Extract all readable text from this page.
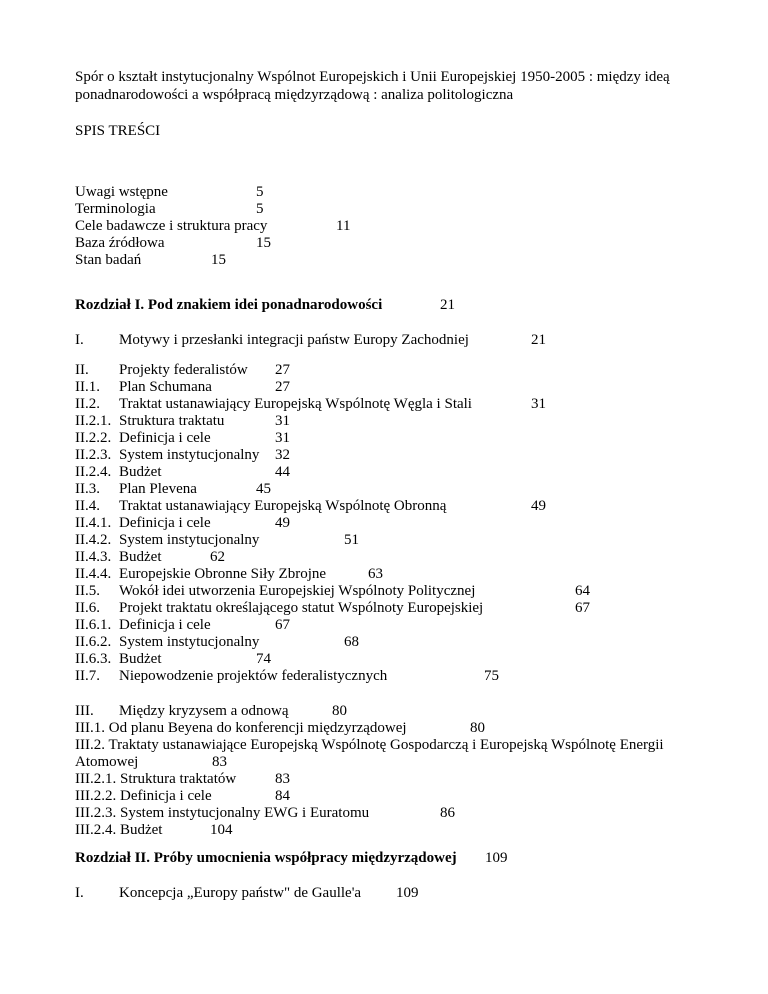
Spór o kształt instytucjonalny Wspólnot Europejskich i Unii Europejskiej 1950-2005 : między ideą
ponadnarodowości a współpracą międzyrządową : analiza politologiczna
SPIS TREŚCI
Uwagi wstępne	5
Terminologia	5
Cele badawcze i struktura pracy	11
Baza źródłowa	15
Stan badań	15
Rozdział I. Pod znakiem idei ponadnarodowości	21
I. Motywy i przesłanki integracji państw Europy Zachodniej	21
II. Projekty federalistów 27
II.1. Plan Schumana	27
II.2. Traktat ustanawiający Europejską Wspólnotę Węgla i Stali	31
II.2.1. Struktura traktatu	31
II.2.2. Definicja i cele	31
II.2.3. System instytucjonalny 32
II.2.4. Budżet	44
II.3. Plan Plevena	45
II.4. Traktat ustanawiający Europejską Wspólnotę Obronną	49
II.4.1. Definicja i cele	49
II.4.2. System instytucjonalny	51
II.4.3. Budżet	62
II.4.4. Europejskie Obronne Siły Zbrojne	63
II.5. Wokół idei utworzenia Europejskiej Wspólnoty Politycznej	64
II.6. Projekt traktatu określającego statut Wspólnoty Europejskiej	67
II.6.1. Definicja i cele	67
II.6.2. System instytucjonalny	68
II.6.3. Budżet	74
II.7. Niepowodzenie projektów federalistycznych	75
III. Między kryzysem a odnową	80
III.1. Od planu Beyena do konferencji międzyrządowej	80
III.2. Traktaty ustanawiające Europejską Wspólnotę Gospodarczą i Europejską Wspólnotę Energii
Atomowej	83
III.2.1. Struktura traktatów	83
III.2.2. Definicja i cele	84
III.2.3. System instytucjonalny EWG i Euratomu	86
III.2.4. Budżet	104
Rozdział II. Próby umocnienia współpracy międzyrządowej 109
I. Koncepcja „Europy państw" de Gaulle'a 109
